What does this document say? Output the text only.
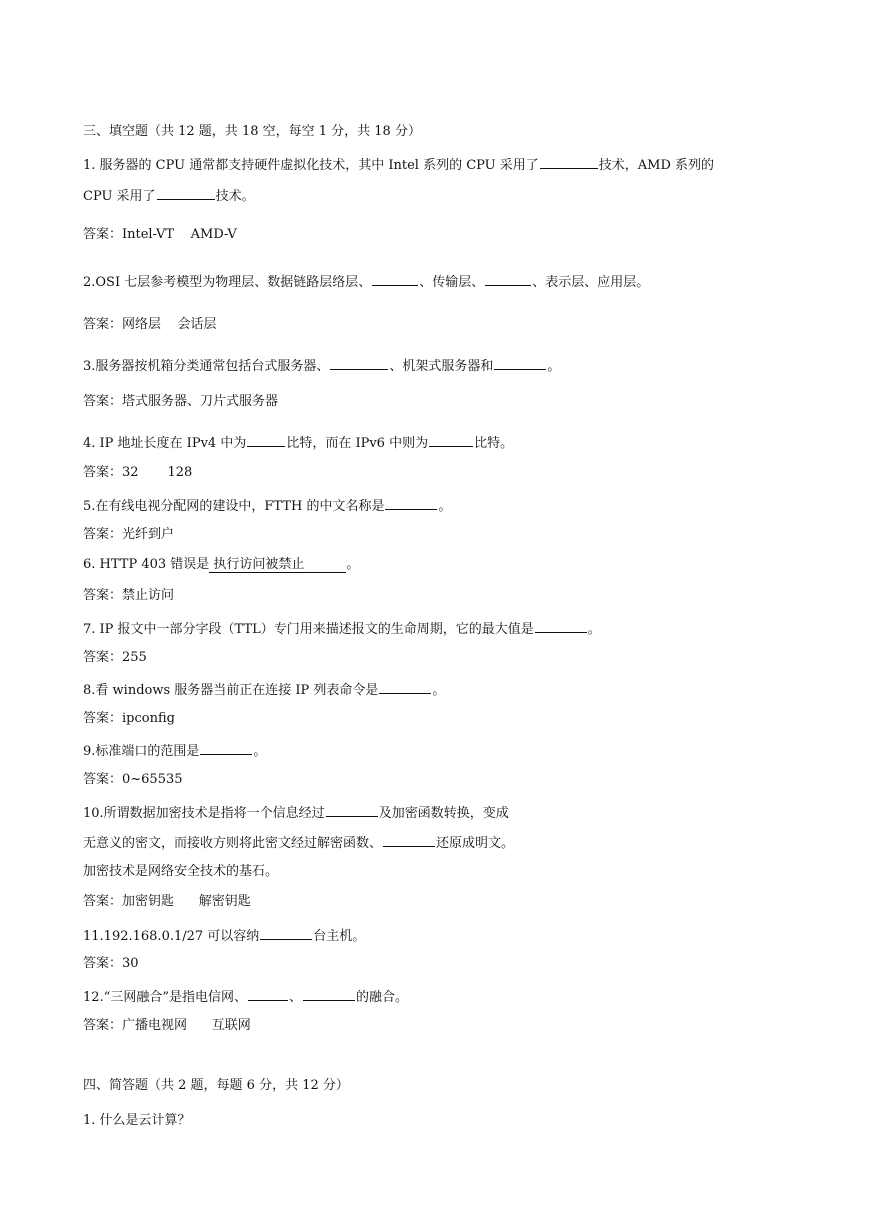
三、填空题（共 12 题，共 18 空，每空 1 分，共 18 分）
1. 服务器的 CPU 通常都支持硬件虚拟化技术，其中 Intel 系列的 CPU 采用了	技术，AMD 系列的
CPU 采用了	技术。
答案：Intel-VT    AMD-V
2.OSI 七层参考模型为物理层、数据链路层络层、	、传输层、	、表示层、应用层。
答案：网络层    会话层
3.服务器按机箱分类通常包括台式服务器、	、机架式服务器和	。
答案：塔式服务器、刀片式服务器
4. IP 地址长度在 IPv4 中为	比特，而在 IPv6 中则为	比特。
答案：32       128
5.在有线电视分配网的建设中，FTTH 的中文名称是	。
答案：光纤到户
6. HTTP 403 错误是 执行访问被禁止	。
答案：禁止访问
7. IP 报文中一部分字段（TTL）专门用来描述报文的生命周期，它的最大值是	。
答案：255
8.看 windows 服务器当前正在连接 IP 列表命令是	。
答案：ipconfig
9.标准端口的范围是	。
答案：0~65535
10.所谓数据加密技术是指将一个信息经过	及加密函数转换，变成
无意义的密文，而接收方则将此密文经过解密函数、	还原成明文。
加密技术是网络安全技术的基石。
答案：加密钥匙      解密钥匙
11.192.168.0.1/27 可以容纳	台主机。
答案：30
12.“三网融合”是指电信网、	、	的融合。
答案：广播电视网      互联网
四、简答题（共 2 题，每题 6 分，共 12 分）
1. 什么是云计算？
